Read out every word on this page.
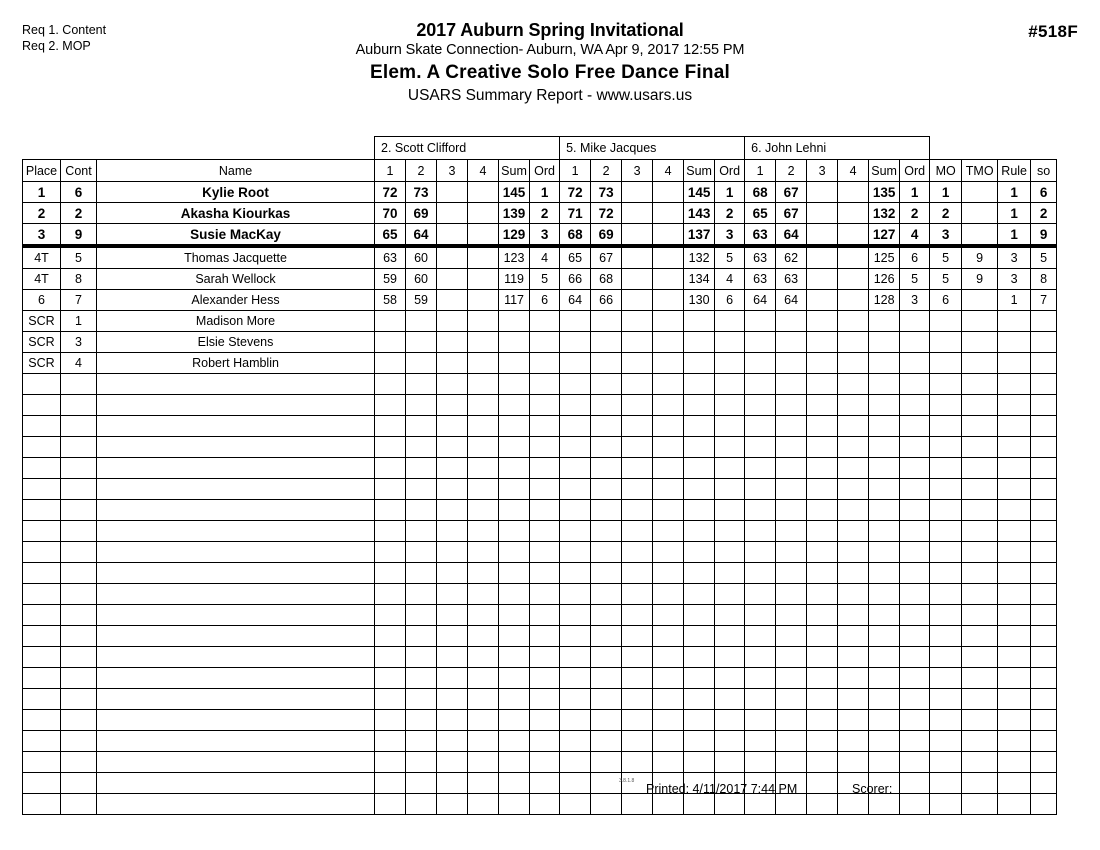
Req 1. Content
Req 2. MOP
#518F
2017 Auburn Spring Invitational
Auburn Skate Connection- Auburn, WA Apr 9, 2017 12:55 PM
Elem. A Creative Solo Free Dance Final
USARS Summary Report - www.usars.us
			2. Scott Clifford						5. Mike Jacques						6. John Lehni									
Place	Cont	Name	1	2	3	4	Sum	Ord	1	2	3	4	Sum	Ord	1	2	3	4	Sum	Ord	MO	TMO	Rule	so
1	6	Kylie Root	72	73			145	1	72	73			145	1	68	67			135	1	1		1	6
2	2	Akasha Kiourkas	70	69			139	2	71	72			143	2	65	67			132	2	2		1	2
3	9	Susie MacKay	65	64			129	3	68	69			137	3	63	64			127	4	3		1	9
4T	5	Thomas Jacquette	63	60			123	4	65	67			132	5	63	62			125	6	5	9	3	5
4T	8	Sarah Wellock	59	60			119	5	66	68			134	4	63	63			126	5	5	9	3	8
6	7	Alexander Hess	58	59			117	6	64	66			130	6	64	64			128	3	6		1	7
SCR	1	Madison More																						
SCR	3	Elsie Stevens																						
SCR	4	Robert Hamblin																						

3.8.1.8
Printed: 4/11/2017 7:44 PM	Scorer:
